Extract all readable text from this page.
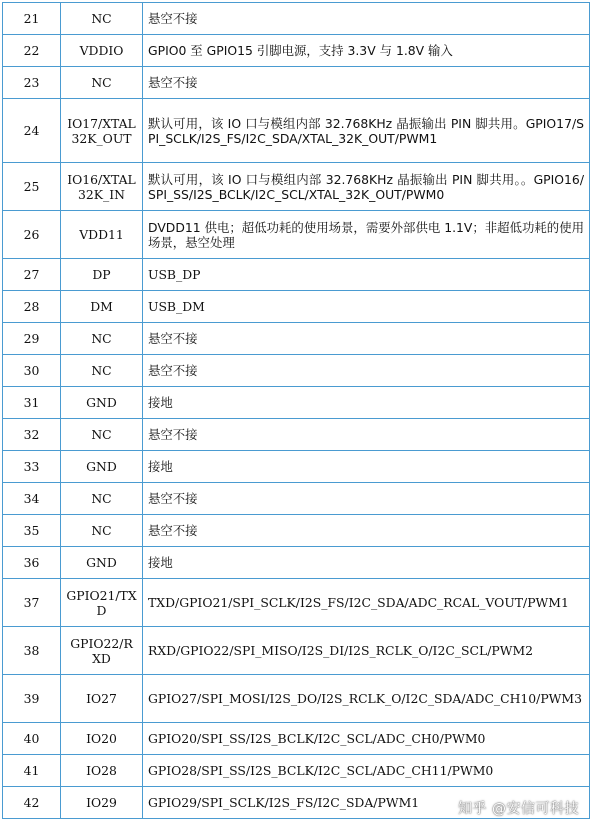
21	NC	悬空不接
22	VDDIO	GPIO0 至 GPIO15 引脚电源，支持 3.3V 与 1.8V 输入
23	NC	悬空不接
24	IO17/XTAL32K_OUT	默认可用，该 IO 口与模组内部 32.768KHz 晶振输出 PIN 脚共用。GPIO17/SPI_SCLK/I2S_FS/I2C_SDA/XTAL_32K_OUT/PWM1
25	IO16/XTAL32K_IN	默认可用，该 IO 口与模组内部 32.768KHz 晶振输出 PIN 脚共用。。GPIO16/SPI_SS/I2S_BCLK/I2C_SCL/XTAL_32K_OUT/PWM0
26	VDD11	DVDD11 供电；超低功耗的使用场景，需要外部供电 1.1V；非超低功耗的使用场景，悬空处理
27	DP	USB_DP
28	DM	USB_DM
29	NC	悬空不接
30	NC	悬空不接
31	GND	接地
32	NC	悬空不接
33	GND	接地
34	NC	悬空不接
35	NC	悬空不接
36	GND	接地
37	GPIO21/TXD	TXD/GPIO21/SPI_SCLK/I2S_FS/I2C_SDA/ADC_RCAL_VOUT/PWM1
38	GPIO22/RXD	RXD/GPIO22/SPI_MISO/I2S_DI/I2S_RCLK_O/I2C_SCL/PWM2
39	IO27	GPIO27/SPI_MOSI/I2S_DO/I2S_RCLK_O/I2C_SDA/ADC_CH10/PWM3
40	IO20	GPIO20/SPI_SS/I2S_BCLK/I2C_SCL/ADC_CH0/PWM0
41	IO28	GPIO28/SPI_SS/I2S_BCLK/I2C_SCL/ADC_CH11/PWM0
42	IO29	GPIO29/SPI_SCLK/I2S_FS/I2C_SDA/PWM1	知乎 @安信可科技
